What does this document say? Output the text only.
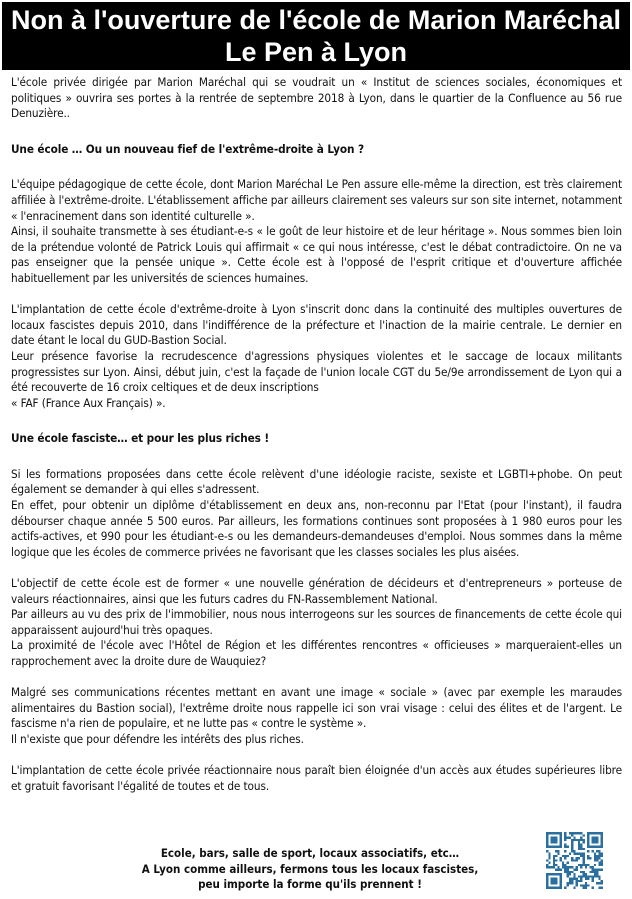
Non à l'ouverture de l'école de Marion Maréchal
Le Pen à Lyon

L'école privée dirigée par Marion Maréchal qui se voudrait un « Institut de sciences sociales, économiques et politiques » ouvrira ses portes à la rentrée de septembre 2018 à Lyon, dans le quartier de la Confluence au 56 rue Denuzière..

Une école … Ou un nouveau fief de l'extrême-droite à Lyon ?

L'équipe pédagogique de cette école, dont Marion Maréchal Le Pen assure elle-même la direction, est très clairement affiliée à l'extrême-droite. L'établissement affiche par ailleurs clairement ses valeurs sur son site internet, notamment « l'enracinement dans son identité culturelle ».

Ainsi, il souhaite transmette à ses étudiant-e-s « le goût de leur histoire et de leur héritage ». Nous sommes bien loin de la prétendue volonté de Patrick Louis qui affirmait « ce qui nous intéresse, c'est le débat contradictoire. On ne va pas enseigner que la pensée unique ». Cette école est à l'opposé de l'esprit critique et d'ouverture affichée habituellement par les universités de sciences humaines.

L'implantation de cette école d'extrême-droite à Lyon s'inscrit donc dans la continuité des multiples ouvertures de locaux fascistes depuis 2010, dans l'indifférence de la préfecture et l'inaction de la mairie centrale. Le dernier en date étant le local du GUD-Bastion Social.

Leur présence favorise la recrudescence d'agressions physiques violentes et le saccage de locaux militants progressistes sur Lyon. Ainsi, début juin, c'est la façade de l'union locale CGT du 5e/9e arrondissement de Lyon qui a été recouverte de 16 croix celtiques et de deux inscriptions

« FAF (France Aux Français) ».

Une école fasciste… et pour les plus riches !

Si les formations proposées dans cette école relèvent d'une idéologie raciste, sexiste et LGBTI+phobe. On peut également se demander à qui elles s'adressent.

En effet, pour obtenir un diplôme d'établissement en deux ans, non-reconnu par l'Etat (pour l'instant), il faudra débourser chaque année 5 500 euros. Par ailleurs, les formations continues sont proposées à 1 980 euros pour les actifs-actives, et 990 pour les étudiant-e-s ou les demandeurs-demandeuses d'emploi. Nous sommes dans la même logique que les écoles de commerce privées ne favorisant que les classes sociales les plus aisées.

L'objectif de cette école est de former « une nouvelle génération de décideurs et d'entrepreneurs » porteuse de valeurs réactionnaires, ainsi que les futurs cadres du FN-Rassemblement National.

Par ailleurs au vu des prix de l'immobilier, nous nous interrogeons sur les sources de financements de cette école qui apparaissent aujourd'hui très opaques.

La proximité de l'école avec l'Hôtel de Région et les différentes rencontres « officieuses » marqueraient-elles un rapprochement avec la droite dure de Wauquiez?

Malgré ses communications récentes mettant en avant une image « sociale » (avec par exemple les maraudes alimentaires du Bastion social), l'extrême droite nous rappelle ici son vrai visage : celui des élites et de l'argent. Le fascisme n'a rien de populaire, et ne lutte pas « contre le système ».

Il n'existe que pour défendre les intérêts des plus riches.

L'implantation de cette école privée réactionnaire nous paraît bien éloignée d'un accès aux études supérieures libre et gratuit favorisant l'égalité de toutes et de tous.

Ecole, bars, salle de sport, locaux associatifs, etc…
A Lyon comme ailleurs, fermons tous les locaux fascistes,
peu importe la forme qu'ils prennent !
